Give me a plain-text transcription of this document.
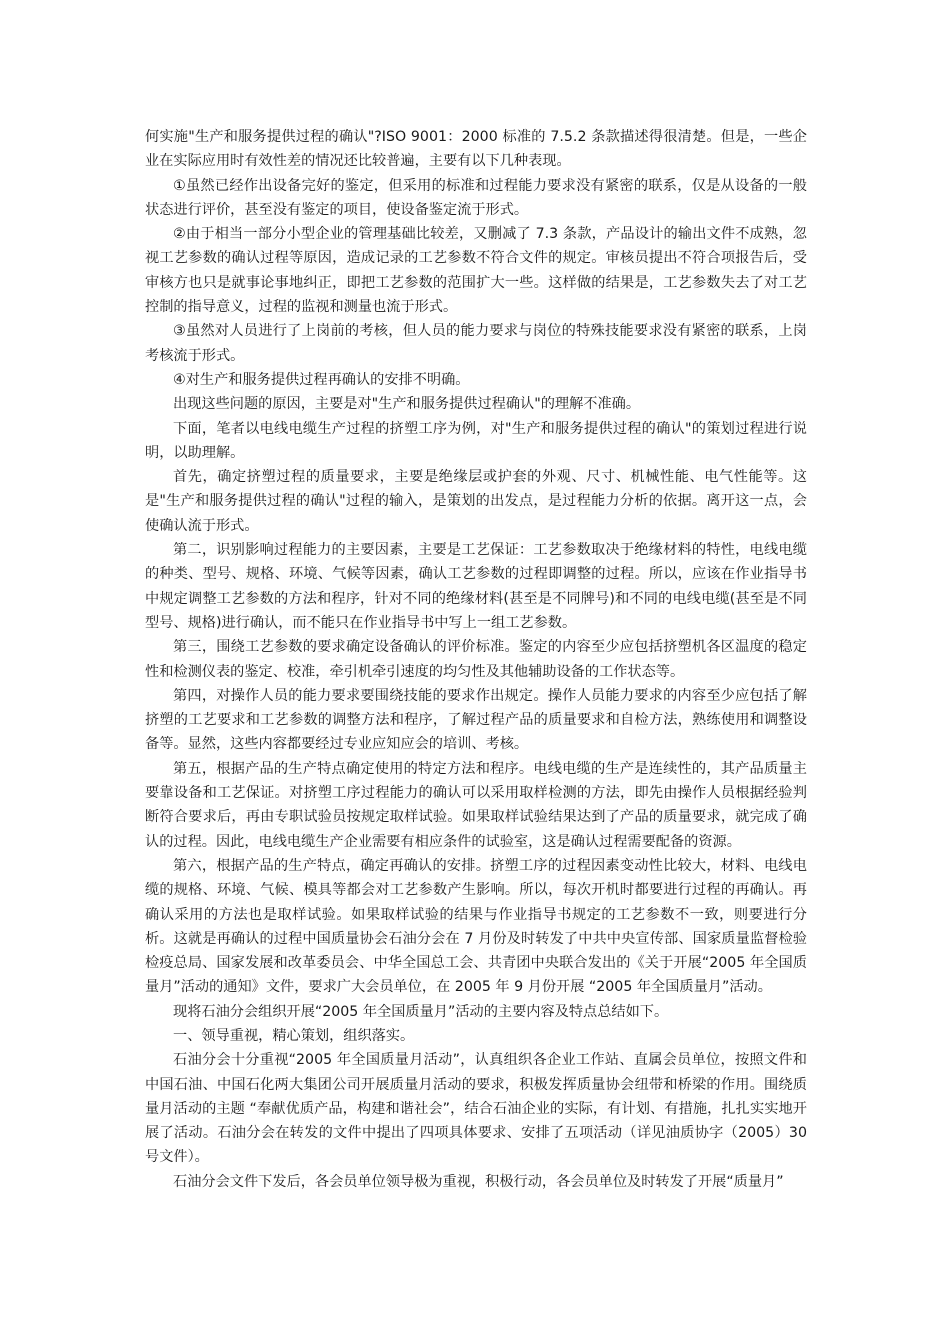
何实施"生产和服务提供过程的确认"?ISO 9001：2000 标准的 7.5.2 条款描述得很清楚。但是，一些企业在实际应用时有效性差的情况还比较普遍，主要有以下几种表现。

①虽然已经作出设备完好的鉴定，但采用的标准和过程能力要求没有紧密的联系，仅是从设备的一般状态进行评价，甚至没有鉴定的项目，使设备鉴定流于形式。

②由于相当一部分小型企业的管理基础比较差，又删减了 7.3 条款，产品设计的输出文件不成熟，忽视工艺参数的确认过程等原因，造成记录的工艺参数不符合文件的规定。审核员提出不符合项报告后，受审核方也只是就事论事地纠正，即把工艺参数的范围扩大一些。这样做的结果是，工艺参数失去了对工艺控制的指导意义，过程的监视和测量也流于形式。

③虽然对人员进行了上岗前的考核，但人员的能力要求与岗位的特殊技能要求没有紧密的联系，上岗考核流于形式。

④对生产和服务提供过程再确认的安排不明确。

出现这些问题的原因，主要是对"生产和服务提供过程确认"的理解不准确。

下面，笔者以电线电缆生产过程的挤塑工序为例，对"生产和服务提供过程的确认"的策划过程进行说明，以助理解。

首先，确定挤塑过程的质量要求，主要是绝缘层或护套的外观、尺寸、机械性能、电气性能等。这是"生产和服务提供过程的确认"过程的输入，是策划的出发点，是过程能力分析的依据。离开这一点，会使确认流于形式。

第二，识别影响过程能力的主要因素，主要是工艺保证：工艺参数取决于绝缘材料的特性，电线电缆的种类、型号、规格、环境、气候等因素，确认工艺参数的过程即调整的过程。所以，应该在作业指导书中规定调整工艺参数的方法和程序，针对不同的绝缘材料(甚至是不同牌号)和不同的电线电缆(甚至是不同型号、规格)进行确认，而不能只在作业指导书中写上一组工艺参数。

第三，围绕工艺参数的要求确定设备确认的评价标准。鉴定的内容至少应包括挤塑机各区温度的稳定性和检测仪表的鉴定、校准，牵引机牵引速度的均匀性及其他辅助设备的工作状态等。

第四，对操作人员的能力要求要围绕技能的要求作出规定。操作人员能力要求的内容至少应包括了解挤塑的工艺要求和工艺参数的调整方法和程序，了解过程产品的质量要求和自检方法，熟练使用和调整设备等。显然，这些内容都要经过专业应知应会的培训、考核。

第五，根据产品的生产特点确定使用的特定方法和程序。电线电缆的生产是连续性的，其产品质量主要靠设备和工艺保证。对挤塑工序过程能力的确认可以采用取样检测的方法，即先由操作人员根据经验判断符合要求后，再由专职试验员按规定取样试验。如果取样试验结果达到了产品的质量要求，就完成了确认的过程。因此，电线电缆生产企业需要有相应条件的试验室，这是确认过程需要配备的资源。

第六，根据产品的生产特点，确定再确认的安排。挤塑工序的过程因素变动性比较大，材料、电线电缆的规格、环境、气候、模具等都会对工艺参数产生影响。所以，每次开机时都要进行过程的再确认。再确认采用的方法也是取样试验。如果取样试验的结果与作业指导书规定的工艺参数不一致，则要进行分析。这就是再确认的过程中国质量协会石油分会在 7 月份及时转发了中共中央宣传部、国家质量监督检验检疫总局、国家发展和改革委员会、中华全国总工会、共青团中央联合发出的《关于开展“2005 年全国质量月”活动的通知》文件，要求广大会员单位，在 2005 年 9 月份开展 “2005 年全国质量月”活动。

现将石油分会组织开展“2005 年全国质量月”活动的主要内容及特点总结如下。

一、领导重视，精心策划，组织落实。

石油分会十分重视“2005 年全国质量月活动”，认真组织各企业工作站、直属会员单位，按照文件和中国石油、中国石化两大集团公司开展质量月活动的要求，积极发挥质量协会纽带和桥梁的作用。围绕质量月活动的主题 “奉献优质产品，构建和谐社会”，结合石油企业的实际，有计划、有措施，扎扎实实地开展了活动。石油分会在转发的文件中提出了四项具体要求、安排了五项活动（详见油质协字（2005）30 号文件）。

石油分会文件下发后，各会员单位领导极为重视，积极行动，各会员单位及时转发了开展“质量月”
